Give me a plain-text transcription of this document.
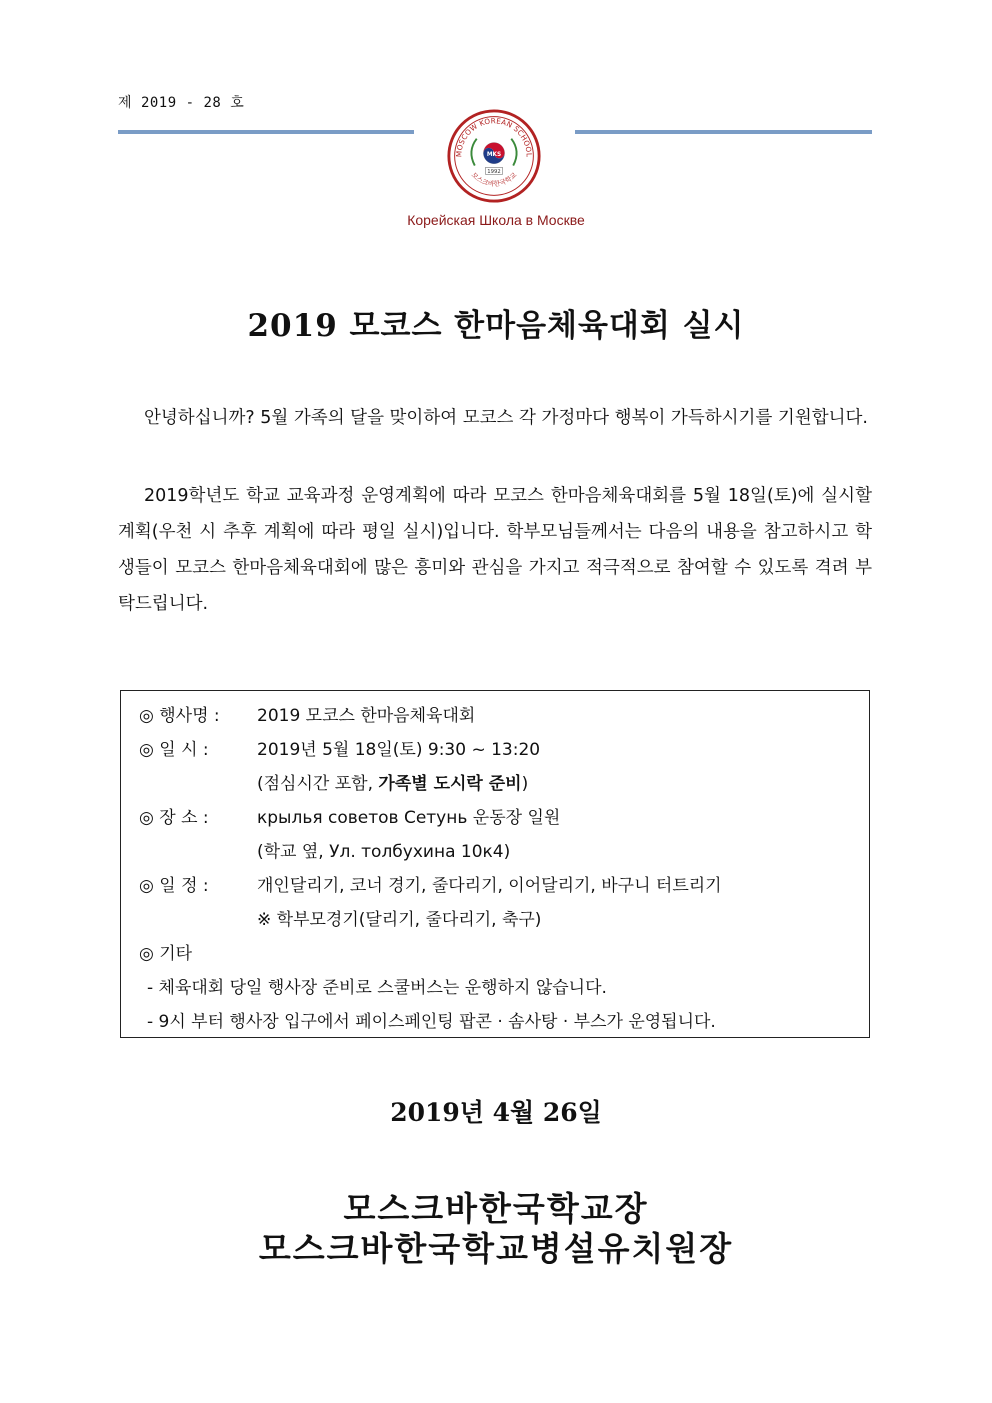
제 2019 - 28 호
MOSCOW KOREAN SCHOOL
MKS
1992
모스크바한국학교
Корейская Школа в Москве
2019 모코스 한마음체육대회 실시

안녕하십니까? 5월 가족의 달을 맞이하여 모코스 각 가정마다 행복이 가득하시기를 기원합니다.

2019학년도 학교 교육과정 운영계획에 따라 모코스 한마음체육대회를 5월 18일(토)에 실시할 계획(우천 시 추후 계획에 따라 평일 실시)입니다. 학부모님들께서는 다음의 내용을 참고하시고 학생들이 모코스 한마음체육대회에 많은 흥미와 관심을 가지고 적극적으로 참여할 수 있도록 격려 부탁드립니다.

◎ 행사명 : 2019 모코스 한마음체육대회
◎ 일 시 :	2019년 5월 18일(토) 9:30 ~ 13:20
(점심시간 포함, 가족별 도시락 준비)
◎ 장 소 :	крылья советов Сетунь 운동장 일원
(학교 옆, Ул. толбухина 10к4)
◎ 일 정 :	개인달리기, 코너 경기, 줄다리기, 이어달리기, 바구니 터트리기
※ 학부모경기(달리기, 줄다리기, 축구)
◎ 기타
- 체육대회 당일 행사장 준비로 스쿨버스는 운행하지 않습니다.
- 9시 부터 행사장 입구에서 페이스페인팅 팝콘 · 솜사탕 · 부스가 운영됩니다.
2019년 4월 26일
모스크바한국학교장
모스크바한국학교병설유치원장
